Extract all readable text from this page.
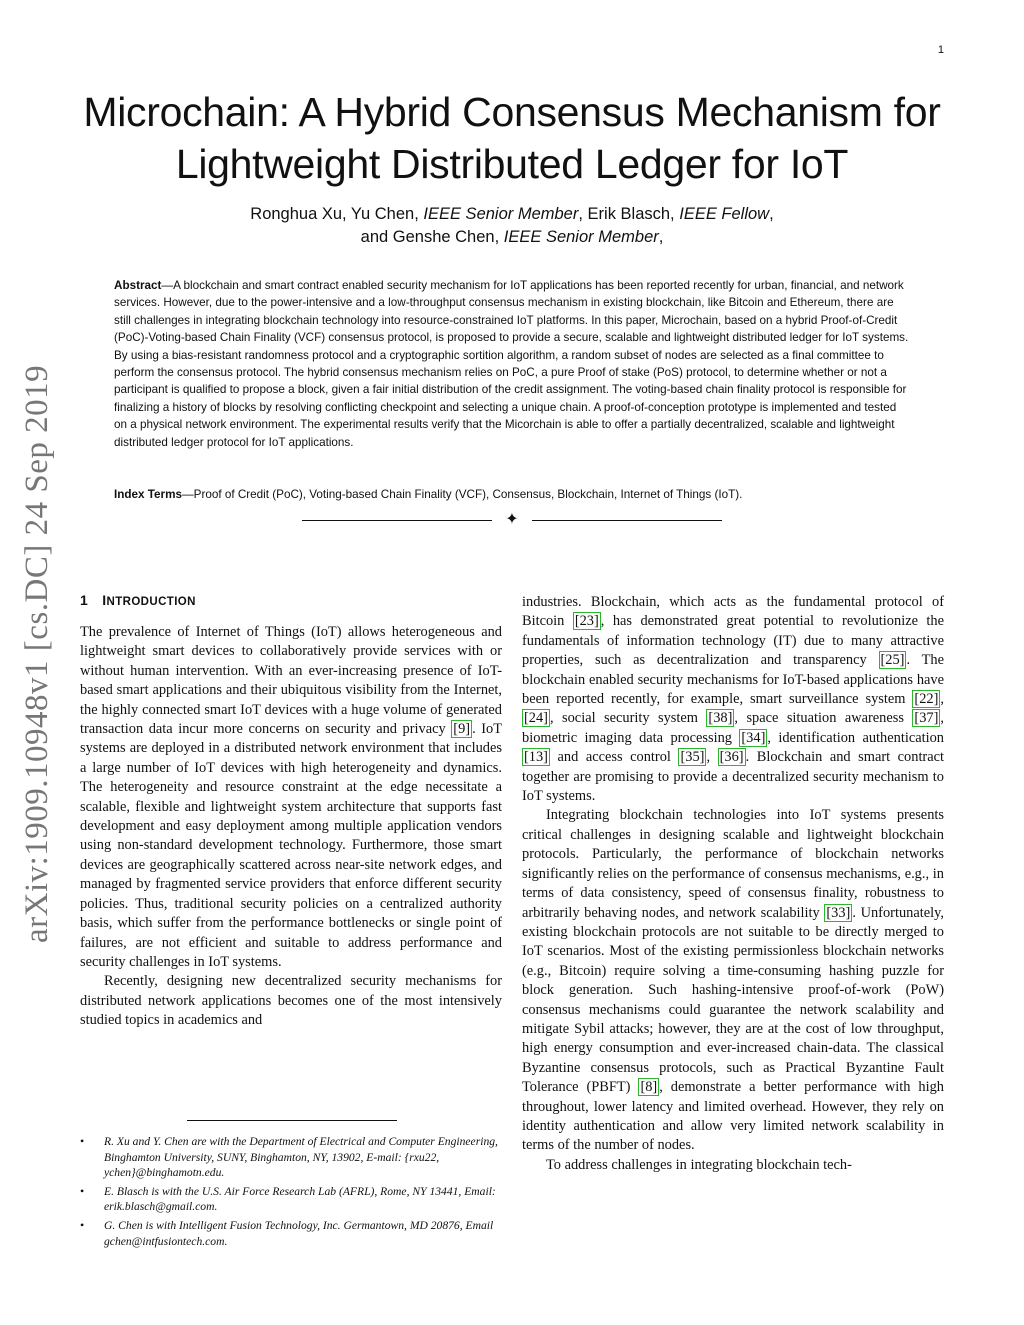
1
Microchain: A Hybrid Consensus Mechanism for
Lightweight Distributed Ledger for IoT
Ronghua Xu, Yu Chen, IEEE Senior Member, Erik Blasch, IEEE Fellow,
and Genshe Chen, IEEE Senior Member,
Abstract—A blockchain and smart contract enabled security mechanism for IoT applications has been reported recently for urban, financial, and network services. However, due to the power-intensive and a low-throughput consensus mechanism in existing blockchain, like Bitcoin and Ethereum, there are still challenges in integrating blockchain technology into resource-constrained IoT platforms. In this paper, Microchain, based on a hybrid Proof-of-Credit (PoC)-Voting-based Chain Finality (VCF) consensus protocol, is proposed to provide a secure, scalable and lightweight distributed ledger for IoT systems. By using a bias-resistant randomness protocol and a cryptographic sortition algorithm, a random subset of nodes are selected as a final committee to perform the consensus protocol. The hybrid consensus mechanism relies on PoC, a pure Proof of stake (PoS) protocol, to determine whether or not a participant is qualified to propose a block, given a fair initial distribution of the credit assignment. The voting-based chain finality protocol is responsible for finalizing a history of blocks by resolving conflicting checkpoint and selecting a unique chain. A proof-of-conception prototype is implemented and tested on a physical network environment. The experimental results verify that the Micorchain is able to offer a partially decentralized, scalable and lightweight distributed ledger protocol for IoT applications.
Index Terms—Proof of Credit (PoC), Voting-based Chain Finality (VCF), Consensus, Blockchain, Internet of Things (IoT).
✦
arXiv:1909.10948v1 [cs.DC] 24 Sep 2019	1 INTRODUCTION

The prevalence of Internet of Things (IoT) allows heterogeneous and lightweight smart devices to collaboratively provide services with or without human intervention. With an ever-increasing presence of IoT-based smart applications and their ubiquitous visibility from the Internet, the highly connected smart IoT devices with a huge volume of generated transaction data incur more concerns on security and privacy [9] . IoT systems are deployed in a distributed network environment that includes a large number of IoT devices with high heterogeneity and dynamics. The heterogeneity and resource constraint at the edge necessitate a scalable, flexible and lightweight system architecture that supports fast development and easy deployment among multiple application vendors using non-standard development technology. Furthermore, those smart devices are geographically scattered across near-site network edges, and managed by fragmented service providers that enforce different security policies. Thus, traditional security policies on a centralized authority basis, which suffer from the performance bottlenecks or single point of failures, are not efficient and suitable to address performance and security challenges in IoT systems.

Recently, designing new decentralized security mechanisms for distributed network applications becomes one of the most intensively studied topics in academics and

industries. Blockchain, which acts as the fundamental protocol of Bitcoin [23] , has demonstrated great potential to revolutionize the fundamentals of information technology (IT) due to many attractive properties, such as decentralization and transparency [25] . The blockchain enabled security mechanisms for IoT-based applications have been reported recently, for example, smart surveillance system [22] , [24] , social security system [38] , space situation awareness [37] , biometric imaging data processing [34] , identification authentication [13] and access control [35] , [36] . Blockchain and smart contract together are promising to provide a decentralized security mechanism to IoT systems.

Integrating blockchain technologies into IoT systems presents critical challenges in designing scalable and lightweight blockchain protocols. Particularly, the performance of blockchain networks significantly relies on the performance of consensus mechanisms, e.g., in terms of data consistency, speed of consensus finality, robustness to arbitrarily behaving nodes, and network scalability [33] . Unfortunately, existing blockchain protocols are not suitable to be directly merged to IoT scenarios. Most of the existing permissionless blockchain networks (e.g., Bitcoin) require solving a time-consuming hashing puzzle for block generation. Such hashing-intensive proof-of-work (PoW) consensus mechanisms could guarantee the network scalability and mitigate Sybil attacks; however, they are at the cost of low throughput, high energy consumption and ever-increased chain-data. The classical Byzantine consensus protocols, such as Practical Byzantine Fault Tolerance (PBFT) [8] , demonstrate a better performance with high throughout, lower latency and limited overhead. However, they rely on identity authentication and allow very limited network scalability in terms of the number of nodes.

To address challenges in integrating blockchain tech-

• R. Xu and Y. Chen are with the Department of Electrical and Computer Engineering, Binghamton University, SUNY, Binghamton, NY, 13902, E-mail: {rxu22, ychen}@binghamotn.edu.
• E. Blasch is with the U.S. Air Force Research Lab (AFRL), Rome, NY 13441, Email: erik.blasch@gmail.com.
• G. Chen is with Intelligent Fusion Technology, Inc. Germantown, MD 20876, Email gchen@intfusiontech.com.
